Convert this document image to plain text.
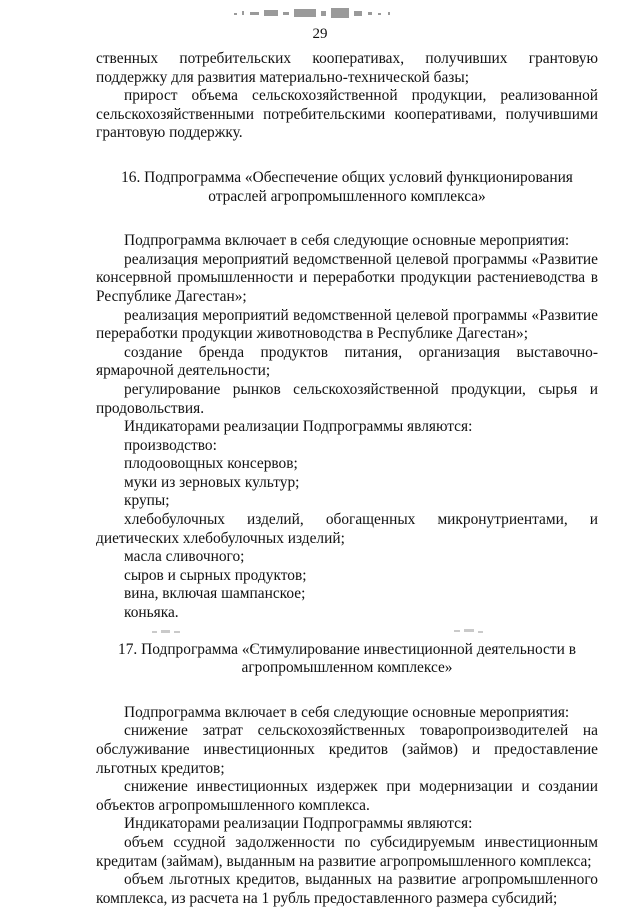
29

ственных потребительских кооперативах, получивших грантовую поддержку для развития материально-технической базы;

прирост объема сельскохозяйственной продукции, реализованной сельскохозяйственными потребительскими кооперативами, получившими грантовую поддержку.

16. Подпрограмма «Обеспечение общих условий функционирования отраслей агропромышленного комплекса»

Подпрограмма включает в себя следующие основные мероприятия:

реализация мероприятий ведомственной целевой программы «Развитие консервной промышленности и переработки продукции растениеводства в Республике Дагестан»;

реализация мероприятий ведомственной целевой программы «Развитие переработки продукции животноводства в Республике Дагестан»;

создание бренда продуктов питания, организация выставочно-ярмарочной деятельности;

регулирование рынков сельскохозяйственной продукции, сырья и продовольствия.

Индикаторами реализации Подпрограммы являются:

производство:

плодоовощных консервов;

муки из зерновых культур;

крупы;

хлебобулочных изделий, обогащенных микронутриентами, и диетических хлебобулочных изделий;

масла сливочного;

сыров и сырных продуктов;

вина, включая шампанское;

коньяка.

17. Подпрограмма «Стимулирование инвестиционной деятельности в агропромышленном комплексе»

Подпрограмма включает в себя следующие основные мероприятия:

снижение затрат сельскохозяйственных товаропроизводителей на обслуживание инвестиционных кредитов (займов) и предоставление льготных кредитов;

снижение инвестиционных издержек при модернизации и создании объектов агропромышленного комплекса.

Индикаторами реализации Подпрограммы являются:

объем ссудной задолженности по субсидируемым инвестиционным кредитам (займам), выданным на развитие агропромышленного комплекса;

объем льготных кредитов, выданных на развитие агропромышленного комплекса, из расчета на 1 рубль предоставленного размера субсидий;
